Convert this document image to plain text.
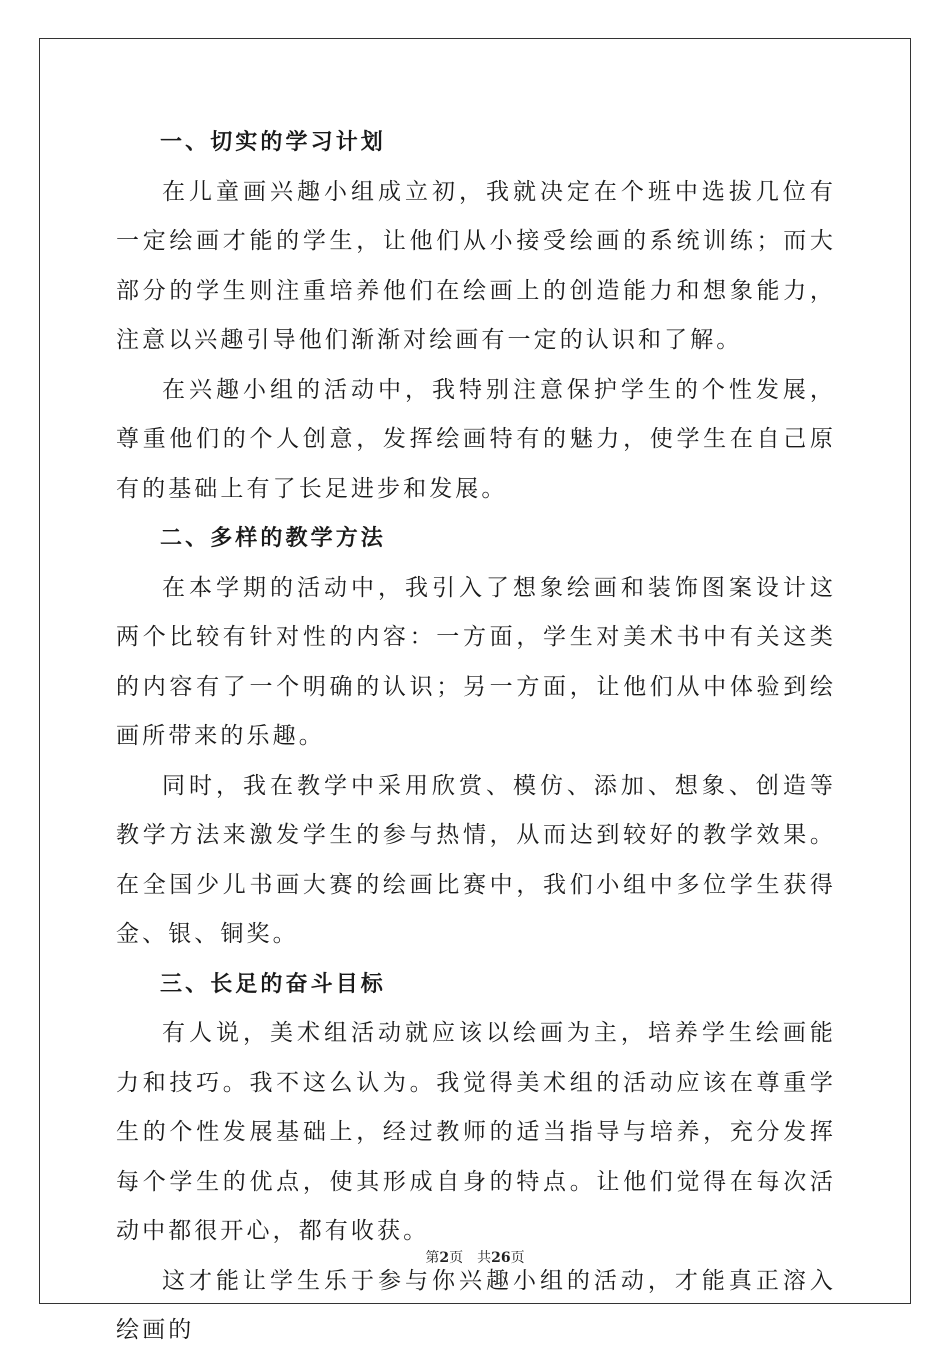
一、切实的学习计划

在儿童画兴趣小组成立初，我就决定在个班中选拔几位有一定绘画才能的学生，让他们从小接受绘画的系统训练；而大部分的学生则注重培养他们在绘画上的创造能力和想象能力，注意以兴趣引导他们渐渐对绘画有一定的认识和了解。

在兴趣小组的活动中，我特别注意保护学生的个性发展，尊重他们的个人创意，发挥绘画特有的魅力，使学生在自己原有的基础上有了长足进步和发展。

二、多样的教学方法

在本学期的活动中，我引入了想象绘画和装饰图案设计这两个比较有针对性的内容：一方面，学生对美术书中有关这类的内容有了一个明确的认识；另一方面，让他们从中体验到绘画所带来的乐趣。

同时，我在教学中采用欣赏、模仿、添加、想象、创造等教学方法来激发学生的参与热情，从而达到较好的教学效果。在全国少儿书画大赛的绘画比赛中，我们小组中多位学生获得金、银、铜奖。

三、长足的奋斗目标

有人说，美术组活动就应该以绘画为主，培养学生绘画能力和技巧。我不这么认为。我觉得美术组的活动应该在尊重学生的个性发展基础上，经过教师的适当指导与培养，充分发挥每个学生的优点，使其形成自身的特点。让他们觉得在每次活动中都很开心，都有收获。

这才能让学生乐于参与你兴趣小组的活动，才能真正溶入绘画的

第2页 共26页
